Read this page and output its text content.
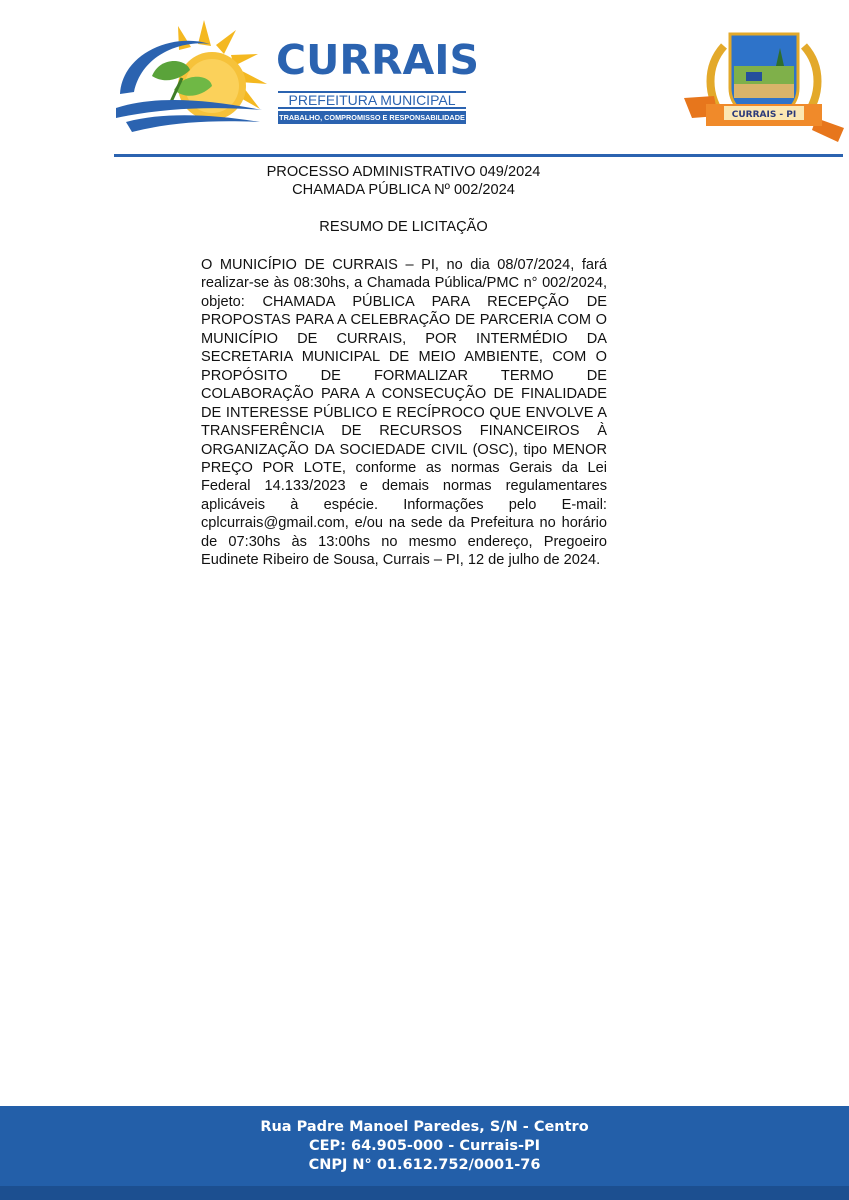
CURRAIS
PREFEITURA MUNICIPAL
TRABALHO, COMPROMISSO E RESPONSABILIDADE	CURRAIS - PI
PROCESSO ADMINISTRATIVO 049/2024
CHAMADA PÚBLICA Nº 002/2024
RESUMO DE LICITAÇÃO
O MUNICÍPIO DE CURRAIS – PI, no dia 08/07/2024, fará realizar-se às 08:30hs, a Chamada Pública/PMC n° 002/2024, objeto: CHAMADA PÚBLICA PARA RECEPÇÃO DE PROPOSTAS PARA A CELEBRAÇÃO DE PARCERIA COM O MUNICÍPIO DE CURRAIS, POR INTERMÉDIO DA SECRETARIA MUNICIPAL DE MEIO AMBIENTE, COM O PROPÓSITO DE FORMALIZAR TERMO DE COLABORAÇÃO PARA A CONSECUÇÃO DE FINALIDADE DE INTERESSE PÚBLICO E RECÍPROCO QUE ENVOLVE A TRANSFERÊNCIA DE RECURSOS FINANCEIROS À ORGANIZAÇÃO DA SOCIEDADE CIVIL (OSC), tipo MENOR PREÇO POR LOTE, conforme as normas Gerais da Lei Federal 14.133/2023 e demais normas regulamentares aplicáveis à espécie. Informações pelo E-mail: cplcurrais@gmail.com, e/ou na sede da Prefeitura no horário de 07:30hs às 13:00hs no mesmo endereço, Pregoeiro Eudinete Ribeiro de Sousa, Currais – PI, 12 de julho de 2024.
Rua Padre Manoel Paredes, S/N - Centro
CEP: 64.905-000 - Currais-PI
CNPJ N° 01.612.752/0001-76
